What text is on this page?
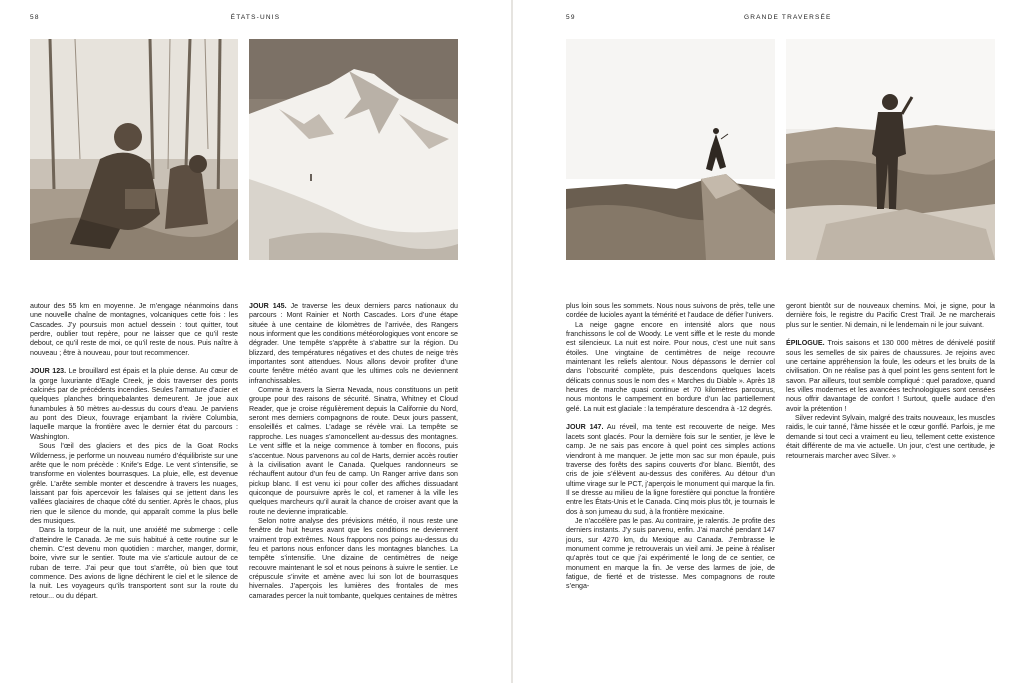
58	ÉTATS-UNIS

autour des 55 km en moyenne. Je m’engage néanmoins dans une nouvelle chaîne de montagnes, volcaniques cette fois : les Cascades. J’y poursuis mon actuel dessein : tout quitter, tout perdre, oublier tout repère, pour ne laisser que ce qu’il reste debout, ce qu’il reste de moi, ce qu’il reste de nous. Puis naître à nouveau ; être à nouveau, pour tout recommencer.

JOUR 123. Le brouillard est épais et la pluie dense. Au cœur de la gorge luxuriante d’Eagle Creek, je dois traverser des ponts calcinés par de précédents incendies. Seules l’armature d’acier et quelques planches brinquebalantes demeurent. Je joue aux funambules à 50 mètres au-dessus du cours d’eau. Je parviens au pont des Dieux, fouvrage enjambant la rivière Columbia, laquelle marque la frontière avec le dernier état du parcours : Washington.

Sous l’œil des glaciers et des pics de la Goat Rocks Wilderness, je performe un nouveau numéro d’équilibriste sur une arête que le nom précède : Knife’s Edge. Le vent s’intensifie, se transforme en violentes bourrasques. La pluie, elle, est devenue grêle. L’arête semble monter et descendre à travers les nuages, laissant par fois apercevoir les falaises qui se jettent dans les vallées glaciaires de chaque côté du sentier. Après le chaos, plus rien que le silence du monde, qui apparaît comme la plus belle des musiques.

Dans la torpeur de la nuit, une anxiété me submerge : celle d’atteindre le Canada. Je me suis habitué à cette routine sur le chemin. C’est devenu mon quotidien : marcher, manger, dormir, boire, vivre sur le sentier. Toute ma vie s’articule autour de ce ruban de terre. J’ai peur que tout s’arrête, où bien que tout commence. Des avions de ligne déchirent le ciel et le silence de la nuit. Les voyageurs qu’ils transportent sont sur la route du retour... ou du départ.

JOUR 145. Je traverse les deux derniers parcs nationaux du parcours : Mont Rainier et North Cascades. Lors d’une étape située à une centaine de kilomètres de l’arrivée, des Rangers nous informent que les conditions météorologiques vont encore se dégrader. Une tempête s’apprête à s’abattre sur la région. Du blizzard, des températures négatives et des chutes de neige très importantes sont attendues. Nous allons devoir profiter d’une courte fenêtre météo avant que les ultimes cols ne deviennent infranchissables.

Comme à travers la Sierra Nevada, nous constituons un petit groupe pour des raisons de sécurité. Sinatra, Whitney et Cloud Reader, que je croise régulièrement depuis la Californie du Nord, seront mes derniers compagnons de route. Deux jours passent, ensoleillés et calmes. L’adage se révèle vrai. La tempête se rapproche. Les nuages s’amoncellent au-dessus des montagnes. Le vent siffle et la neige commence à tomber en flocons, puis s’accentue. Nous parvenons au col de Harts, dernier accès routier à la civilisation avant le Canada. Quelques randonneurs se réchauffent autour d’un feu de camp. Un Ranger arrive dans son pickup blanc. Il est venu ici pour coller des affiches dissuadant quiconque de poursuivre après le col, et ramener à la ville les quelques marcheurs qu’il aurait la chance de croiser avant que la route ne devienne impraticable.

Selon notre analyse des prévisions météo, il nous reste une fenêtre de huit heures avant que les conditions ne deviennent vraiment trop extrêmes. Nous frappons nos poings au-dessus du feu et partons nous enfoncer dans les montagnes blanches. La tempête s’intensifie. Une dizaine de centimètres de neige recouvre maintenant le sol et nous peinons à suivre le sentier. Le crépuscule s’invite et amène avec lui son lot de bourrasques hivernales. J’aperçois les lumières des frontales de mes camarades percer la nuit tombante, quelques centaines de mètres

59	GRANDE TRAVERSÉE

plus loin sous les sommets. Nous nous suivons de près, telle une cordée de lucioles ayant la témérité et l’audace de défier l’univers.

La neige gagne encore en intensité alors que nous franchissons le col de Woody. Le vent siffle et le reste du monde est silencieux. La nuit est noire. Pour nous, c’est une nuit sans étoiles. Une vingtaine de centimètres de neige recouvre maintenant les reliefs alentour. Nous dépassons le dernier col dans l’obscurité complète, puis descendons quelques lacets délicats connus sous le nom des « Marches du Diable ». Après 18 heures de marche quasi continue et 70 kilomètres parcourus, nous montons le campement en bordure d’un lac partiellement gelé. La nuit est glaciale : la température descendra à -12 degrés.

JOUR 147. Au réveil, ma tente est recouverte de neige. Mes lacets sont glacés. Pour la dernière fois sur le sentier, je lève le camp. Je ne sais pas encore à quel point ces simples actions viendront à me manquer. Je jette mon sac sur mon épaule, puis traverse des forêts des sapins couverts d’or blanc. Bientôt, des cris de joie s’élèvent au-dessus des conifères. Au détour d’un ultime virage sur le PCT, j’aperçois le monument qui marque la fin. Il se dresse au milieu de la ligne forestière qui ponctue la frontière entre les États-Unis et le Canada. Cinq mois plus tôt, je tournais le dos à son jumeau du sud, à la frontière mexicaine.

Je n’accélère pas le pas. Au contraire, je ralentis. Je profite des derniers instants. J’y suis parvenu, enfin. J’ai marché pendant 147 jours, sur 4270 km, du Mexique au Canada. J’embrasse le monument comme je retrouverais un vieil ami. Je peine à réaliser qu’après tout ce que j’ai expérimenté le long de ce sentier, ce monument en marque la fin. Je verse des larmes de joie, de fatigue, de fierté et de tristesse. Mes compagnons de route s’enga-

geront bientôt sur de nouveaux chemins. Moi, je signe, pour la dernière fois, le registre du Pacific Crest Trail. Je ne marcherais plus sur le sentier. Ni demain, ni le lendemain ni le jour suivant.

ÉPILOGUE. Trois saisons et 130 000 mètres de dénivelé positif sous les semelles de six paires de chaussures. Je rejoins avec une certaine appréhension la foule, les odeurs et les bruits de la civilisation. On ne réalise pas à quel point les gens sentent fort le savon. Par ailleurs, tout semble compliqué : quel paradoxe, quand les villes modernes et les avancées technologiques sont censées nous offrir davantage de confort ! Surtout, quelle audace d’en avoir la prétention !

Silver redevint Sylvain, malgré des traits nouveaux, les muscles raidis, le cuir tanné, l’âme hissée et le cœur gonflé. Parfois, je me demande si tout ceci a vraiment eu lieu, tellement cette existence était différente de ma vie actuelle. Un jour, c’est une certitude, je retournerais marcher avec Silver. »
